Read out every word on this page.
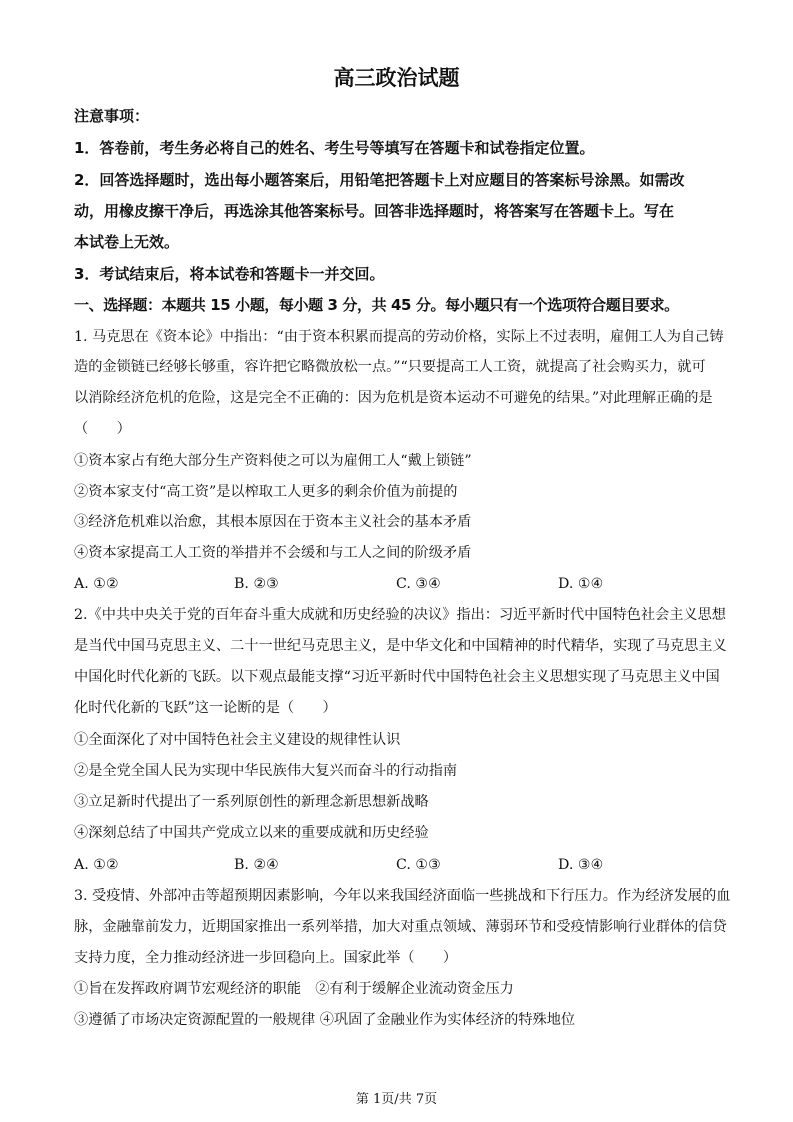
高三政治试题
注意事项：
1．答卷前，考生务必将自己的姓名、考生号等填写在答题卡和试卷指定位置。
2．回答选择题时，选出每小题答案后，用铅笔把答题卡上对应题目的答案标号涂黑。如需改
动，用橡皮擦干净后，再选涂其他答案标号。回答非选择题时，将答案写在答题卡上。写在
本试卷上无效。
3．考试结束后，将本试卷和答题卡一并交回。
一、选择题：本题共 15 小题，每小题 3 分，共 45 分。每小题只有一个选项符合题目要求。
1. 马克思在《资本论》中指出：“由于资本积累而提高的劳动价格，实际上不过表明，雇佣工人为自己铸
造的金锁链已经够长够重，容许把它略微放松一点。”“只要提高工人工资，就提高了社会购买力，就可
以消除经济危机的危险，这是完全不正确的：因为危机是资本运动不可避免的结果。”对此理解正确的是
（　　）
①资本家占有绝大部分生产资料使之可以为雇佣工人“戴上锁链”
②资本家支付“高工资”是以榨取工人更多的剩余价值为前提的
③经济危机难以治愈，其根本原因在于资本主义社会的基本矛盾
④资本家提高工人工资的举措并不会缓和与工人之间的阶级矛盾
A. ①②	B. ②③	C. ③④	D. ①④
2.《中共中央关于党的百年奋斗重大成就和历史经验的决议》指出：习近平新时代中国特色社会主义思想
是当代中国马克思主义、二十一世纪马克思主义，是中华文化和中国精神的时代精华，实现了马克思主义
中国化时代化新的飞跃。以下观点最能支撑“习近平新时代中国特色社会主义思想实现了马克思主义中国
化时代化新的飞跃”这一论断的是（　　）
①全面深化了对中国特色社会主义建设的规律性认识
②是全党全国人民为实现中华民族伟大复兴而奋斗的行动指南
③立足新时代提出了一系列原创性的新理念新思想新战略
④深刻总结了中国共产党成立以来的重要成就和历史经验
A. ①②	B. ②④	C. ①③	D. ③④
3. 受疫情、外部冲击等超预期因素影响，今年以来我国经济面临一些挑战和下行压力。作为经济发展的血
脉，金融靠前发力，近期国家推出一系列举措，加大对重点领域、薄弱环节和受疫情影响行业群体的信贷
支持力度，全力推动经济进一步回稳向上。国家此举（　　）
①旨在发挥政府调节宏观经济的职能　②有利于缓解企业流动资金压力
③遵循了市场决定资源配置的一般规律 ④巩固了金融业作为实体经济的特殊地位
第 1页/共 7页
